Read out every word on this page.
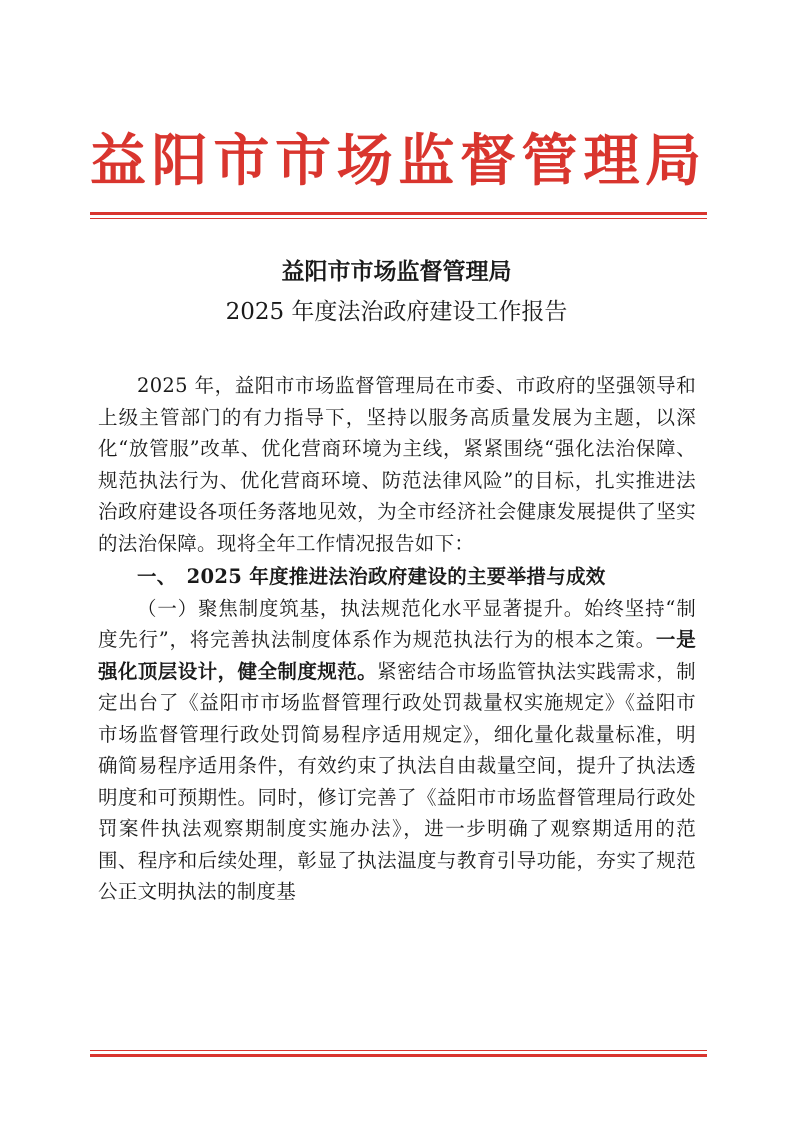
益阳市市场监督管理局
益阳市市场监督管理局
2025 年度法治政府建设工作报告

2025 年，益阳市市场监督管理局在市委、市政府的坚强领导和上级主管部门的有力指导下，坚持以服务高质量发展为主题，以深化“放管服”改革、优化营商环境为主线，紧紧围绕“强化法治保障、规范执法行为、优化营商环境、防范法律风险”的目标，扎实推进法治政府建设各项任务落地见效，为全市经济社会健康发展提供了坚实的法治保障。现将全年工作情况报告如下：

一、　2025 年度推进法治政府建设的主要举措与成效

（一）聚焦制度筑基，执法规范化水平显著提升。始终坚持“制度先行”，将完善执法制度体系作为规范执法行为的根本之策。一是强化顶层设计，健全制度规范。紧密结合市场监管执法实践需求，制定出台了《益阳市市场监督管理行政处罚裁量权实施规定》《益阳市市场监督管理行政处罚简易程序适用规定》，细化量化裁量标准，明确简易程序适用条件，有效约束了执法自由裁量空间，提升了执法透明度和可预期性。同时，修订完善了《益阳市市场监督管理局行政处罚案件执法观察期制度实施办法》，进一步明确了观察期适用的范围、程序和后续处理，彰显了执法温度与教育引导功能，夯实了规范公正文明执法的制度基
